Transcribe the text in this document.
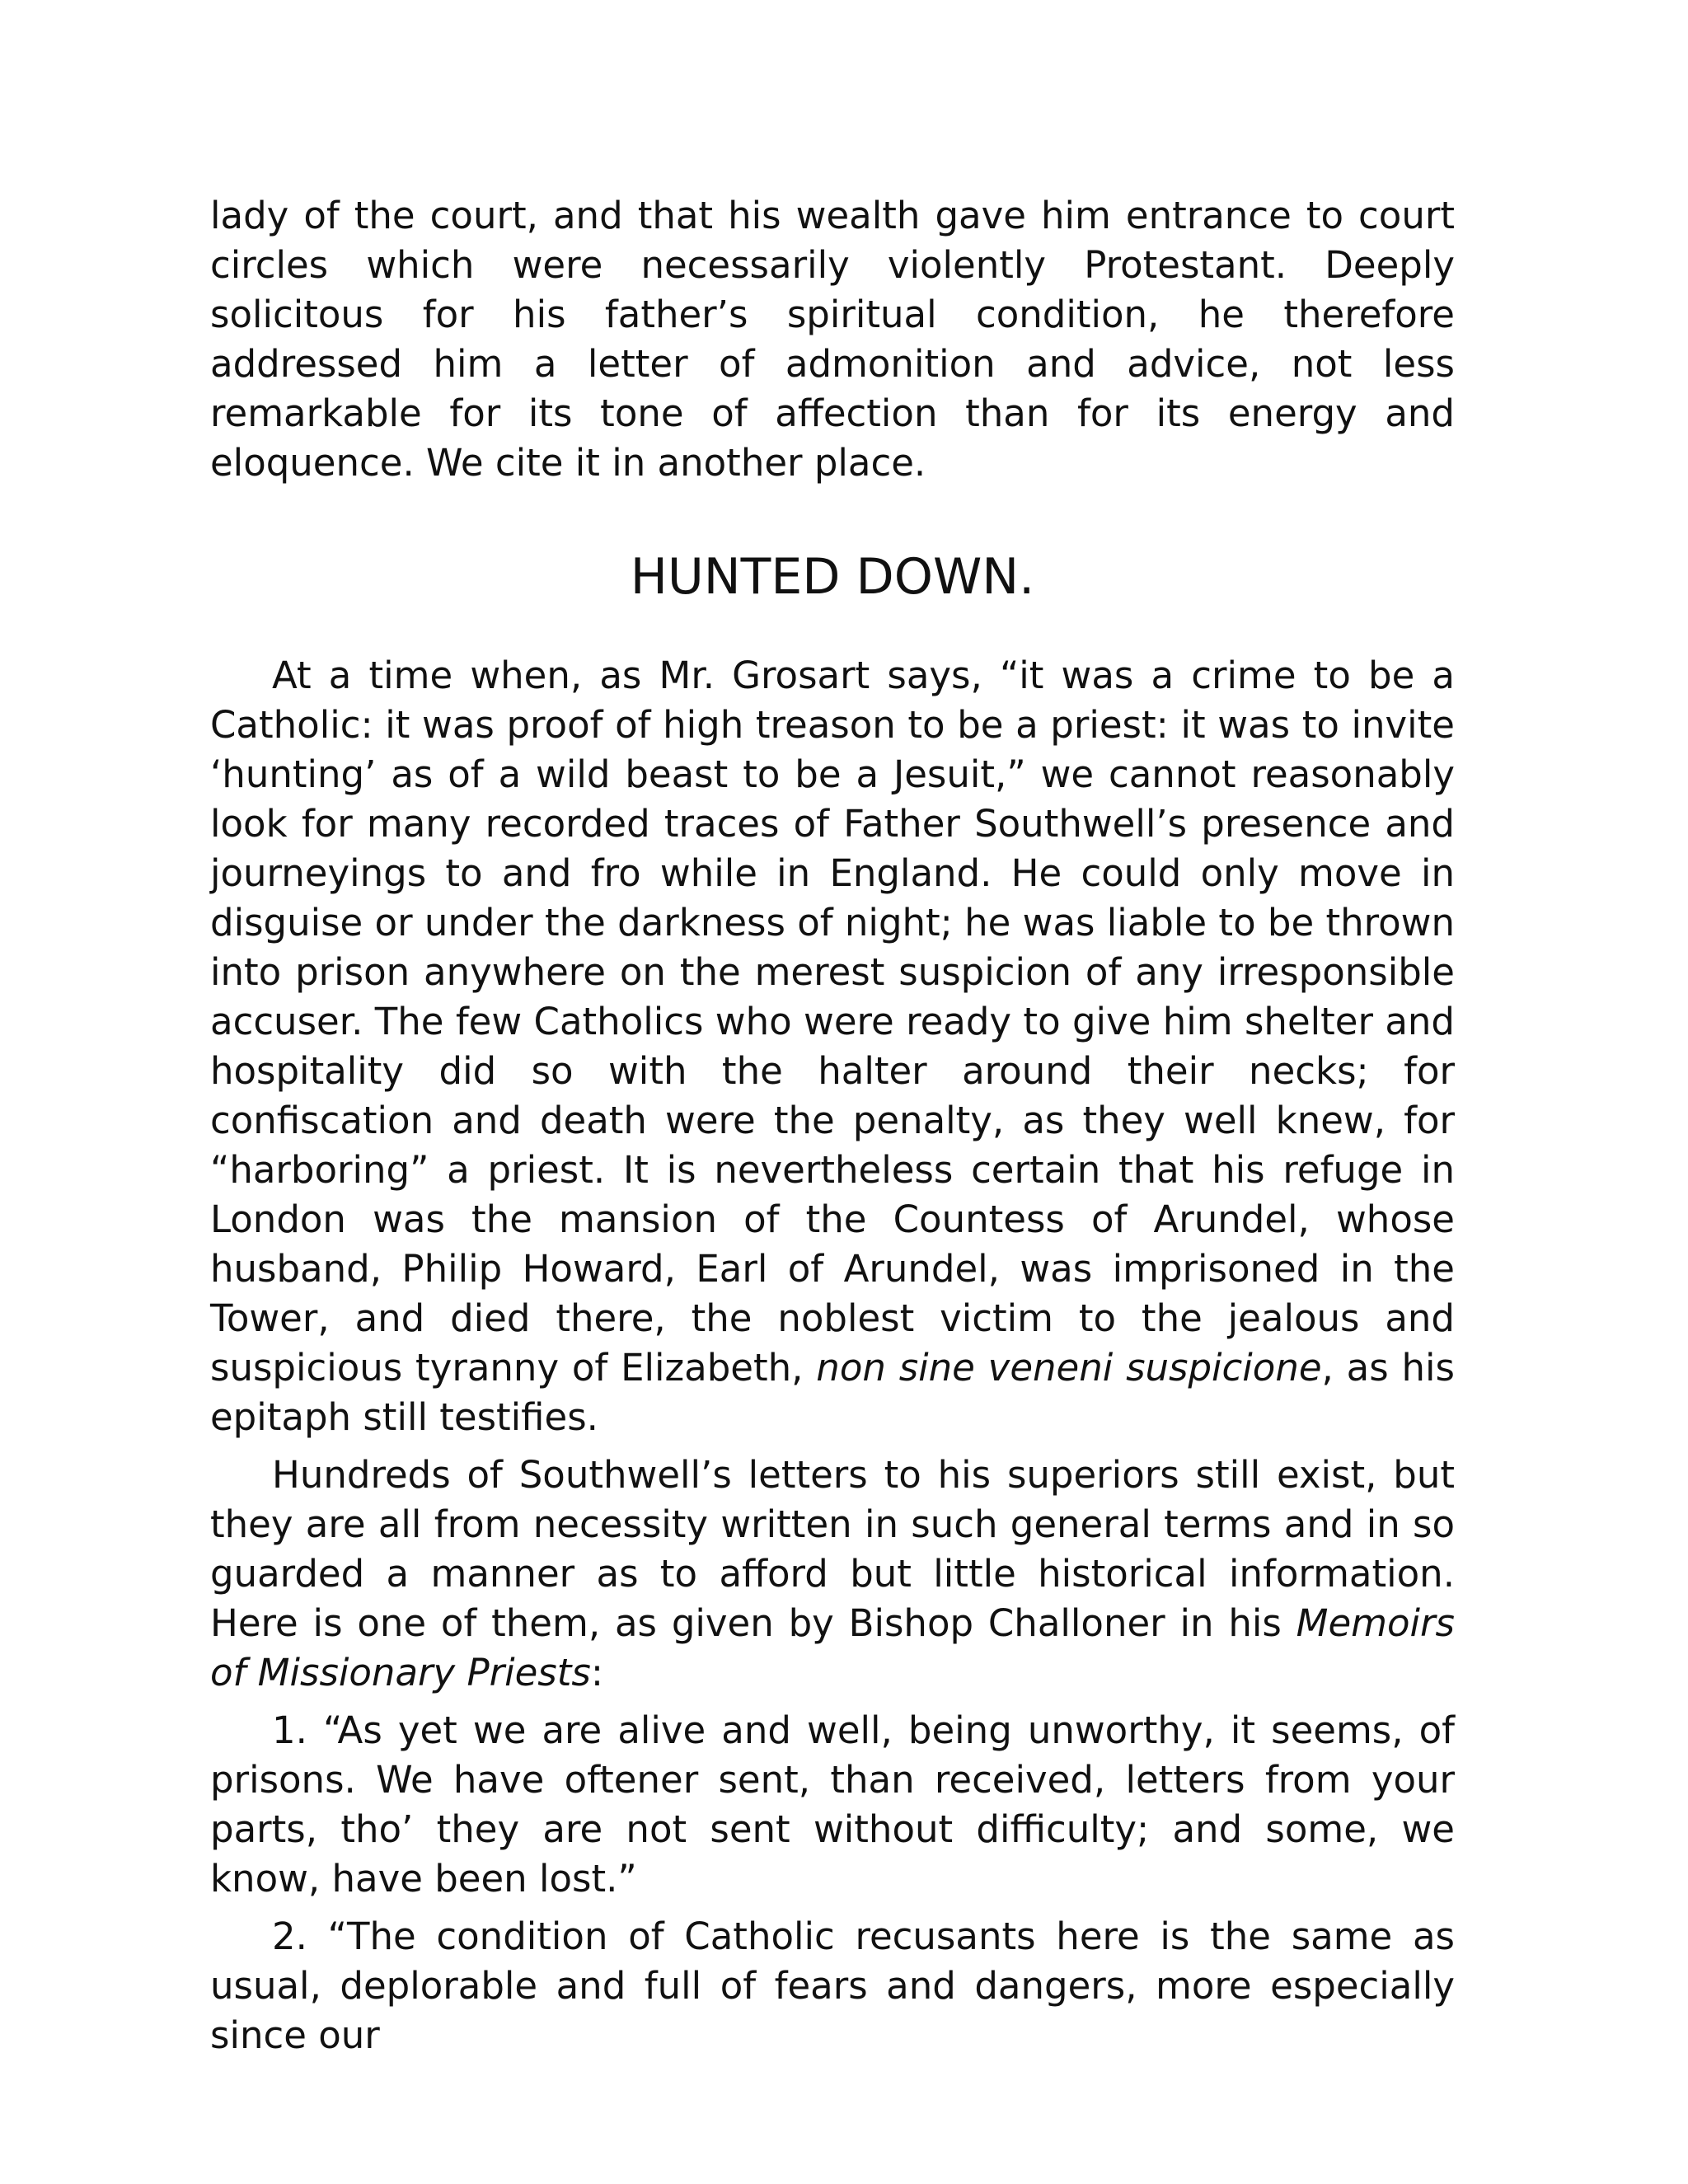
lady of the court, and that his wealth gave him entrance to court circles which were necessarily violently Protestant. Deeply solicitous for his father’s spiritual condition, he therefore addressed him a letter of admonition and advice, not less remarkable for its tone of affection than for its energy and eloquence. We cite it in another place.

HUNTED DOWN.

At a time when, as Mr. Grosart says, “it was a crime to be a Catholic: it was proof of high treason to be a priest: it was to invite ‘hunting’ as of a wild beast to be a Jesuit,” we cannot reasonably look for many recorded traces of Father Southwell’s presence and journeyings to and fro while in England. He could only move in disguise or under the darkness of night; he was liable to be thrown into prison anywhere on the merest suspicion of any irresponsible accuser. The few Catholics who were ready to give him shelter and hospitality did so with the halter around their necks; for confiscation and death were the penalty, as they well knew, for “harboring” a priest. It is nevertheless certain that his refuge in London was the mansion of the Countess of Arundel, whose husband, Philip Howard, Earl of Arundel, was imprisoned in the Tower, and died there, the noblest victim to the jealous and suspicious tyranny of Elizabeth, non sine veneni suspicione, as his epitaph still testifies.

Hundreds of Southwell’s letters to his superiors still exist, but they are all from necessity written in such general terms and in so guarded a manner as to afford but little historical information. Here is one of them, as given by Bishop Challoner in his Memoirs of Missionary Priests:

1. “As yet we are alive and well, being unworthy, it seems, of prisons. We have oftener sent, than received, letters from your parts, tho’ they are not sent without difficulty; and some, we know, have been lost.”

2. “The condition of Catholic recusants here is the same as usual, deplorable and full of fears and dangers, more especially since our
